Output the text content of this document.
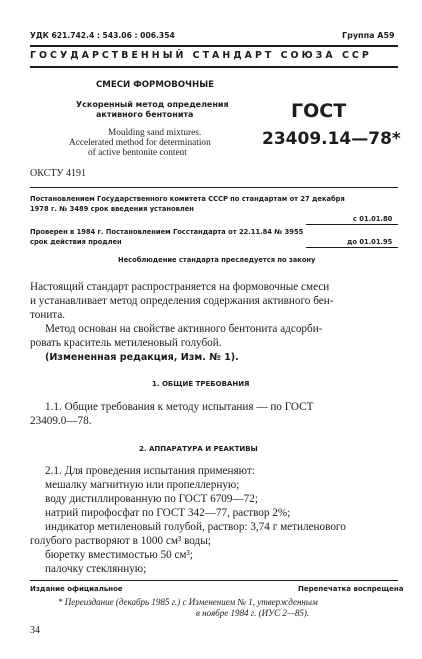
УДК 621.742.4 : 543.06 : 006.354	Группа А59
ГОСУДАРСТВЕННЫЙ СТАНДАРТ СОЮЗА ССР
СМЕСИ ФОРМОВОЧНЫЕ
Ускоренный метод определения
активного бентонита
Moulding sand mixtures.
Accelerated method for determination
of active bentonite content
ГОСТ
23409.14—78*
ОКСТУ 4191
Постановлением Государственного комитета СССР по стандартам от 27 декабря
1978 г. № 3489 срок введения установлен
с 01.01.80
Проверен в 1984 г. Постановлением Госстандарта от 22.11.84 № 3955
срок действия продлен	до 01.01.95
Несоблюдение стандарта преследуется по закону
Настоящий стандарт распространяется на формовочные смеси
и устанавливает метод определения содержания активного бен-
тонита.
Метод основан на свойстве активного бентонита адсорби-
ровать краситель метиленовый голубой.
(Измененная редакция, Изм. № 1).
1. ОБЩИЕ ТРЕБОВАНИЯ
1.1. Общие требования к методу испытания — по ГОСТ
23409.0—78.
2. АППАРАТУРА И РЕАКТИВЫ
2.1. Для проведения испытания применяют:
мешалку магнитную или пропеллерную;
воду дистиллированную по ГОСТ 6709—72;
натрий пирофосфат по ГОСТ 342—77, раствор 2%;
индикатор метиленовый голубой, раствор: 3,74 г метиленового
голубого растворяют в 1000 см³ воды;
бюретку вместимостью 50 см³;
палочку стеклянную;
Издание официальное	Перепечатка воспрещена
* Переиздание (декабрь 1985 г.) с Изменением № 1, утвержденным
в ноябре 1984 г. (ИУС 2—85).
34
